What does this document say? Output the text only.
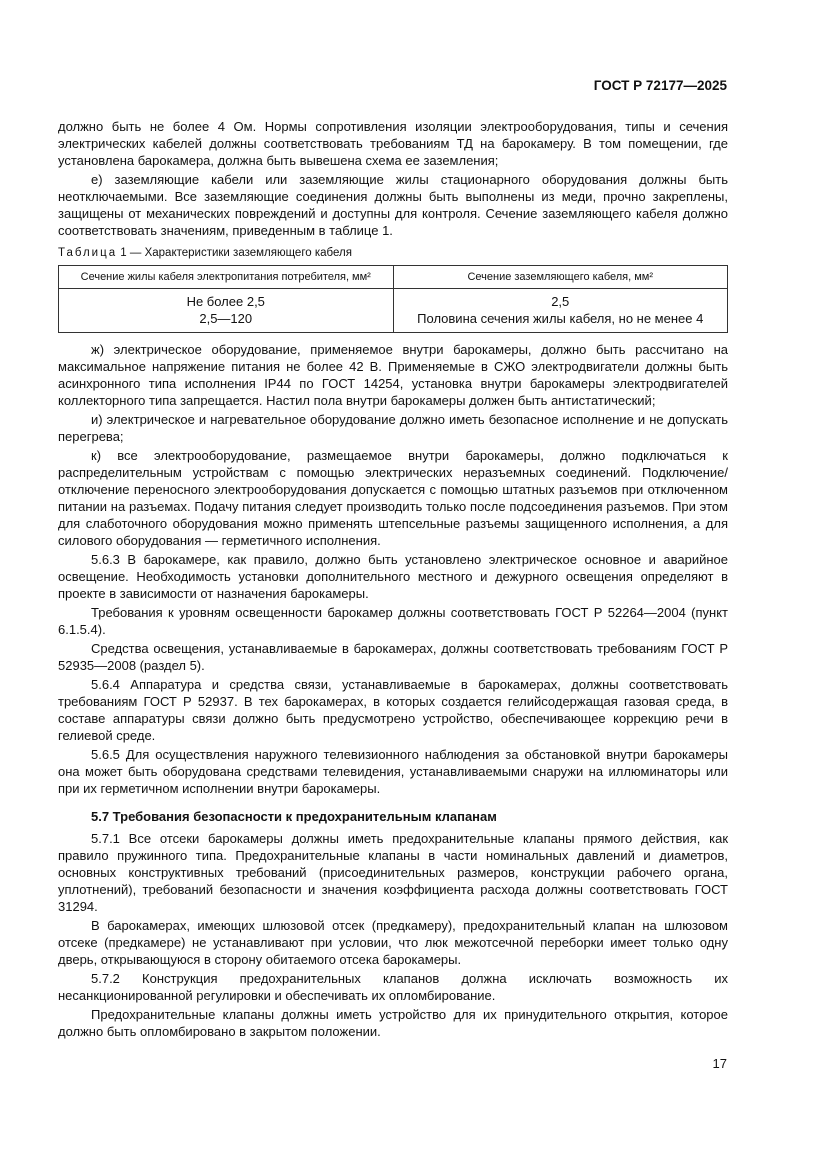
ГОСТ Р 72177—2025

должно быть не более 4 Ом. Нормы сопротивления изоляции электрооборудования, типы и сечения электрических кабелей должны соответствовать требованиям ТД на барокамеру. В том помещении, где установлена барокамера, должна быть вывешена схема ее заземления;

е) заземляющие кабели или заземляющие жилы стационарного оборудования должны быть неотключаемыми. Все заземляющие соединения должны быть выполнены из меди, прочно закреплены, защищены от механических повреждений и доступны для контроля. Сечение заземляющего кабеля должно соответствовать значениям, приведенным в таблице 1.

Таблица 1 — Характеристики заземляющего кабеля
Сечение жилы кабеля электропитания потребителя, мм²	Сечение заземляющего кабеля, мм²
Не более 2,5	2,5
2,5—120	Половина сечения жилы кабеля, но не менее 4

ж) электрическое оборудование, применяемое внутри барокамеры, должно быть рассчитано на максимальное напряжение питания не более 42 В. Применяемые в СЖО электродвигатели должны быть асинхронного типа исполнения IP44 по ГОСТ 14254, установка внутри барокамеры электродвигателей коллекторного типа запрещается. Настил пола внутри барокамеры должен быть антистатический;

и) электрическое и нагревательное оборудование должно иметь безопасное исполнение и не допускать перегрева;

к) все электрооборудование, размещаемое внутри барокамеры, должно подключаться к распределительным устройствам с помощью электрических неразъемных соединений. Подключение/отключение переносного электрооборудования допускается с помощью штатных разъемов при отключенном питании на разъемах. Подачу питания следует производить только после подсоединения разъемов. При этом для слаботочного оборудования можно применять штепсельные разъемы защищенного исполнения, а для силового оборудования — герметичного исполнения.

5.6.3 В барокамере, как правило, должно быть установлено электрическое основное и аварийное освещение. Необходимость установки дополнительного местного и дежурного освещения определяют в проекте в зависимости от назначения барокамеры.

Требования к уровням освещенности барокамер должны соответствовать ГОСТ Р 52264—2004 (пункт 6.1.5.4).

Средства освещения, устанавливаемые в барокамерах, должны соответствовать требованиям ГОСТ Р 52935—2008 (раздел 5).

5.6.4 Аппаратура и средства связи, устанавливаемые в барокамерах, должны соответствовать требованиям ГОСТ Р 52937. В тех барокамерах, в которых создается гелийсодержащая газовая среда, в составе аппаратуры связи должно быть предусмотрено устройство, обеспечивающее коррекцию речи в гелиевой среде.

5.6.5 Для осуществления наружного телевизионного наблюдения за обстановкой внутри барокамеры она может быть оборудована средствами телевидения, устанавливаемыми снаружи на иллюминаторы или при их герметичном исполнении внутри барокамеры.

5.7 Требования безопасности к предохранительным клапанам

5.7.1 Все отсеки барокамеры должны иметь предохранительные клапаны прямого действия, как правило пружинного типа. Предохранительные клапаны в части номинальных давлений и диаметров, основных конструктивных требований (присоединительных размеров, конструкции рабочего органа, уплотнений), требований безопасности и значения коэффициента расхода должны соответствовать ГОСТ 31294.

В барокамерах, имеющих шлюзовой отсек (предкамеру), предохранительный клапан на шлюзовом отсеке (предкамере) не устанавливают при условии, что люк межотсечной переборки имеет только одну дверь, открывающуюся в сторону обитаемого отсека барокамеры.

5.7.2 Конструкция предохранительных клапанов должна исключать возможность их несанкционированной регулировки и обеспечивать их опломбирование.

Предохранительные клапаны должны иметь устройство для их принудительного открытия, которое должно быть опломбировано в закрытом положении.

17
